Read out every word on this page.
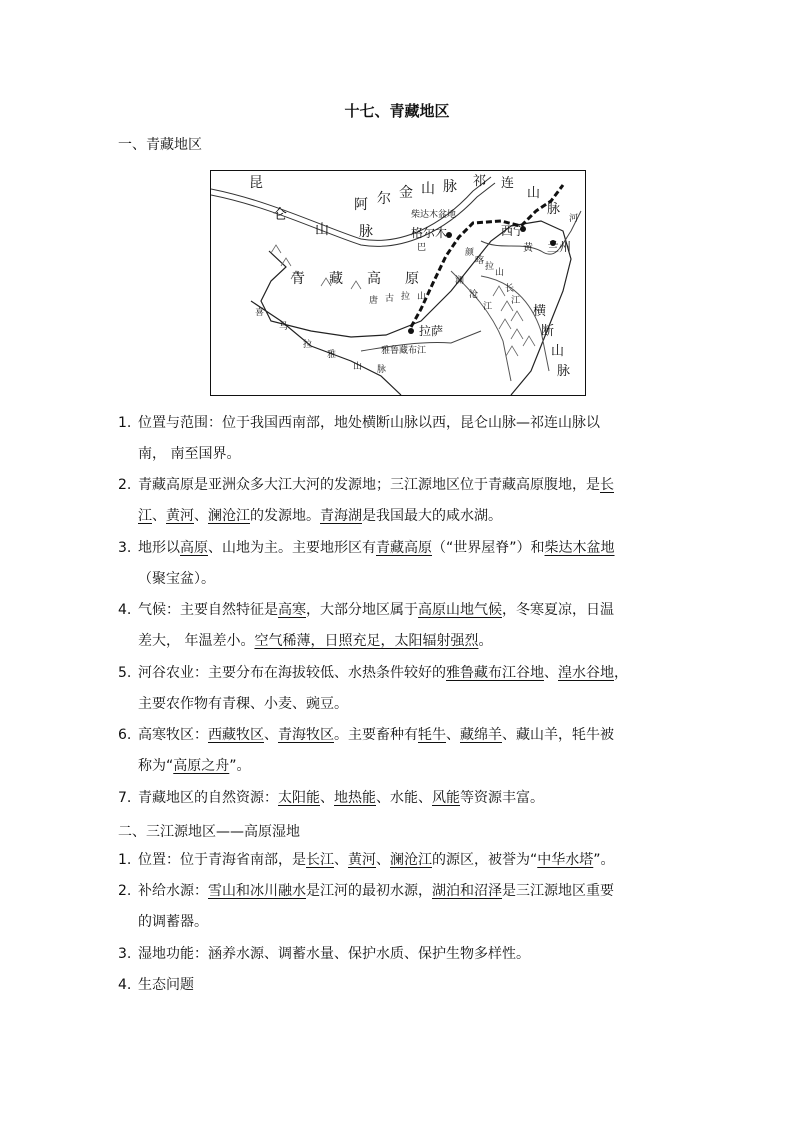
十七、青藏地区
一、青藏地区
昆
仑
山 脉
阿 尔 金 山 脉 祁 连
山
脉
柴达木盆地
格尔木	西宁
兰州
黄
河
青 藏 高 原
巴	颜
喀
拉
山
澜
沧
江
长
江
横
断
山
脉
唐 古 拉 山
拉萨
雅鲁藏布江
喜
马
拉
雅
山 脉
1. 位置与范围：位于我国西南部，地处横断山脉以西，昆仑山脉—祁连山脉以
南， 南至国界。
2. 青藏高原是亚洲众多大江大河的发源地；三江源地区位于青藏高原腹地，是长
江、黄河、澜沧江的发源地。青海湖是我国最大的咸水湖。
3. 地形以高原、山地为主。主要地形区有青藏高原（“世界屋脊”）和柴达木盆地
（聚宝盆）。
4. 气候：主要自然特征是高寒，大部分地区属于高原山地气候，冬寒夏凉，日温
差大， 年温差小。空气稀薄，日照充足，太阳辐射强烈。
5. 河谷农业：主要分布在海拔较低、水热条件较好的雅鲁藏布江谷地、湟水谷地，
主要农作物有青稞、小麦、豌豆。
6. 高寒牧区：西藏牧区、青海牧区。主要畜种有牦牛、藏绵羊、藏山羊，牦牛被
称为“高原之舟”。
7. 青藏地区的自然资源：太阳能、地热能、水能、风能等资源丰富。
二、三江源地区——高原湿地
1. 位置：位于青海省南部，是长江、黄河、澜沧江的源区，被誉为“中华水塔”。
2. 补给水源：雪山和冰川融水是江河的最初水源，湖泊和沼泽是三江源地区重要
的调蓄器。
3. 湿地功能：涵养水源、调蓄水量、保护水质、保护生物多样性。
4. 生态问题
